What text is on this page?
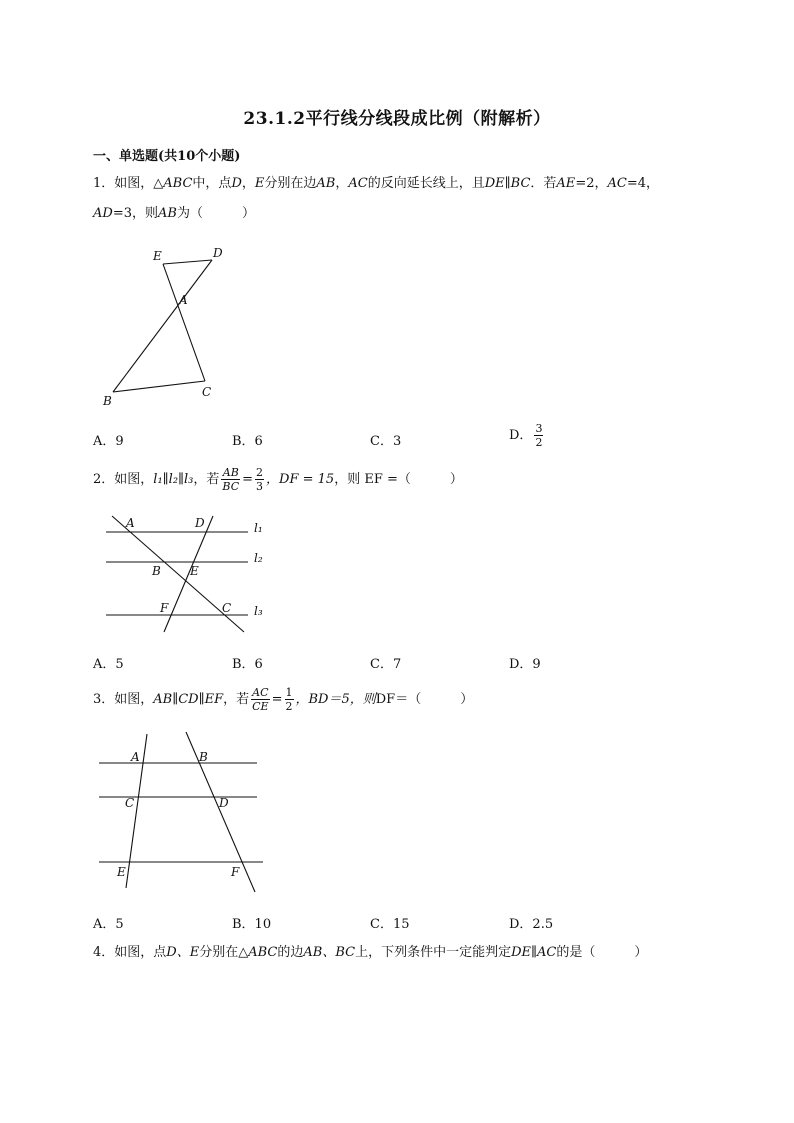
23.1.2平行线分线段成比例（附解析）
一、单选题(共10个小题)
1．如图，△ABC中，点D，E分别在边AB，AC的反向延长线上，且DE∥BC．若AE=2，AC=4，
AD=3，则AB为（　　　）
E	D
A
B
C
A．9	B．6	C．3	D． $\frac{3}{2}$
2．如图，l₁∥l₂∥l₃，若 $\frac{AB}{BC} = \frac{2}{3}$ ，DF = 15，则 EF =（　　　）
A	D
B E
F	C
l₁
l₂
l₃
A．5	B．6	C．7	D．9
3．如图，AB∥CD∥EF，若 $\frac{AC}{CE} = \frac{1}{2}$ ，BD＝5，则DF＝（　　　）
A	B
C	D
E	F
A．5	B．10	C．15	D．2.5
4．如图，点D、E分别在△ABC的边AB、BC上，下列条件中一定能判定DE∥AC的是（　　　）
